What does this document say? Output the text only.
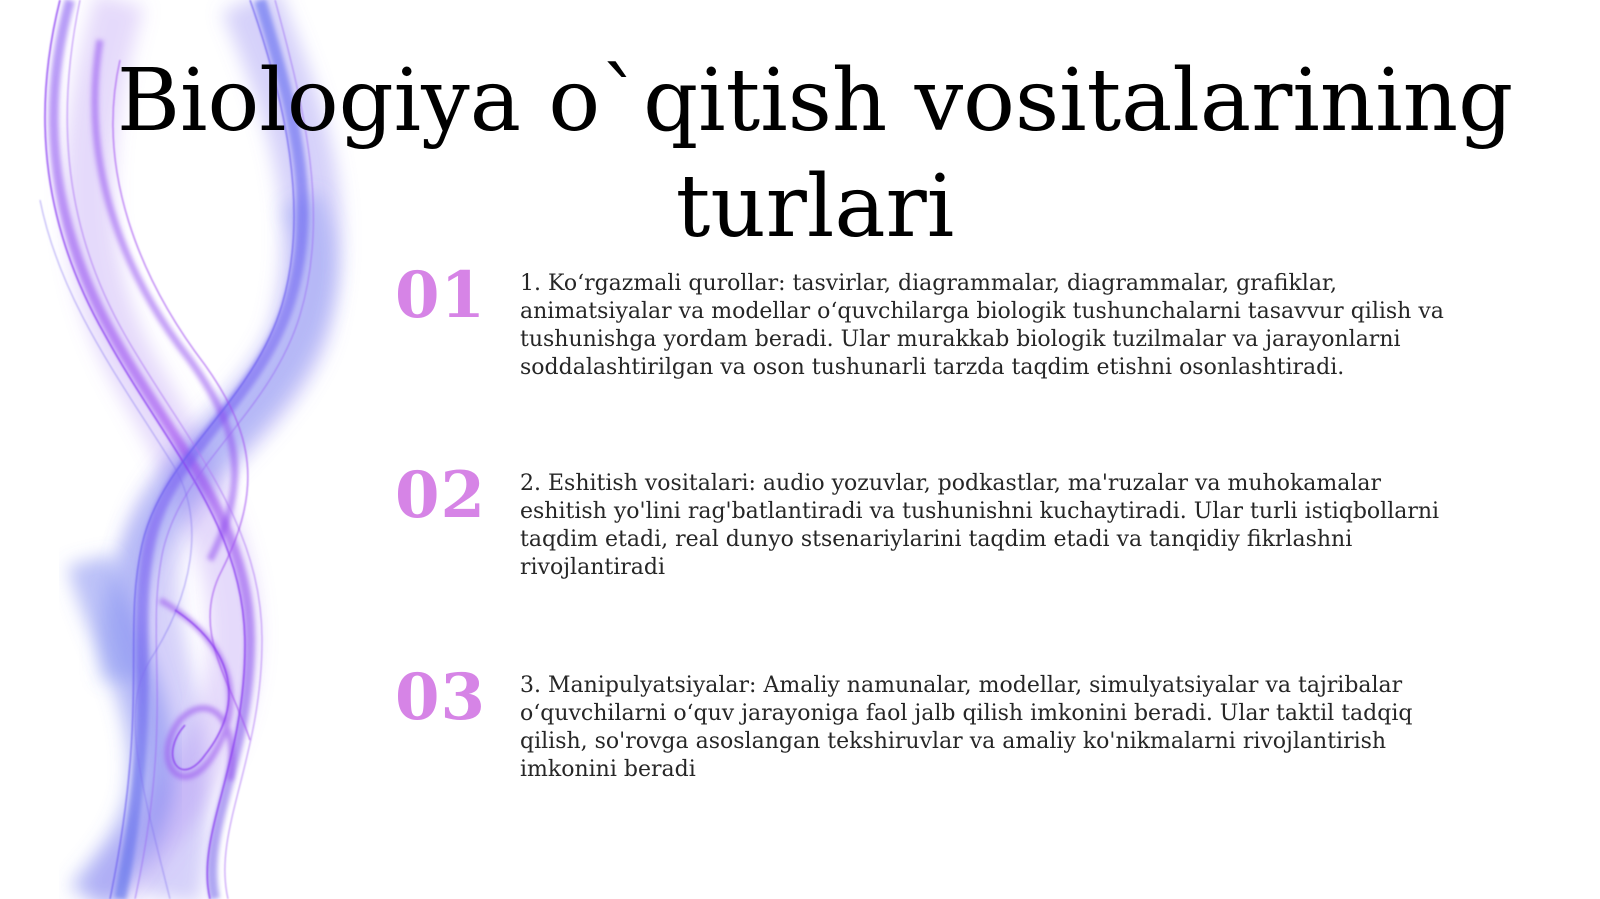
Biologiya o`qitish vositalarining turlari
01 1. Ko‘rgazmali qurollar: tasvirlar, diagrammalar, diagrammalar, grafiklar, animatsiyalar va modellar o‘quvchilarga biologik tushunchalarni tasavvur qilish va tushunishga yordam beradi. Ular murakkab biologik tuzilmalar va jarayonlarni soddalashtirilgan va oson tushunarli tarzda taqdim etishni osonlashtiradi.
02 2. Eshitish vositalari: audio yozuvlar, podkastlar, ma'ruzalar va muhokamalar eshitish yo'lini rag'batlantiradi va tushunishni kuchaytiradi. Ular turli istiqbollarni taqdim etadi, real dunyo stsenariylarini taqdim etadi va tanqidiy fikrlashni rivojlantiradi
03 3. Manipulyatsiyalar: Amaliy namunalar, modellar, simulyatsiyalar va tajribalar o‘quvchilarni o‘quv jarayoniga faol jalb qilish imkonini beradi. Ular taktil tadqiq qilish, so'rovga asoslangan tekshiruvlar va amaliy ko'nikmalarni rivojlantirish imkonini beradi
